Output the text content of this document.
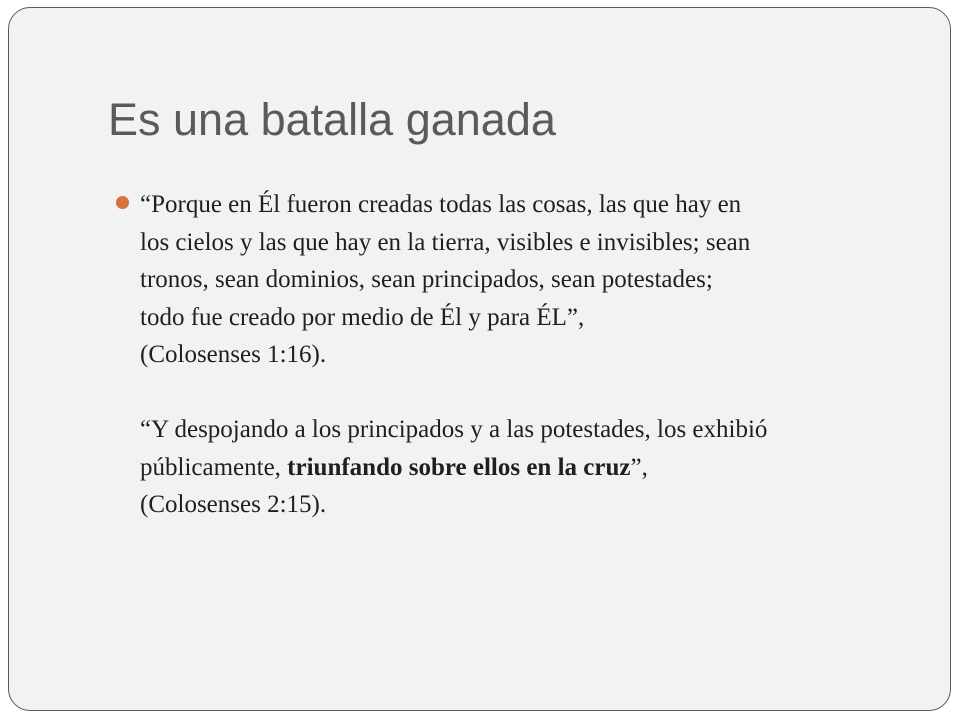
Es una batalla ganada

“Porque en Él fueron creadas todas las cosas, las que hay en
los cielos y las que hay en la tierra, visibles e invisibles; sean
tronos, sean dominios, sean principados, sean potestades;
todo fue creado por medio de Él y para ÉL”,
(Colosenses 1:16).

“Y despojando a los principados y a las potestades, los exhibió
públicamente, triunfando sobre ellos en la cruz”,
(Colosenses 2:15).
